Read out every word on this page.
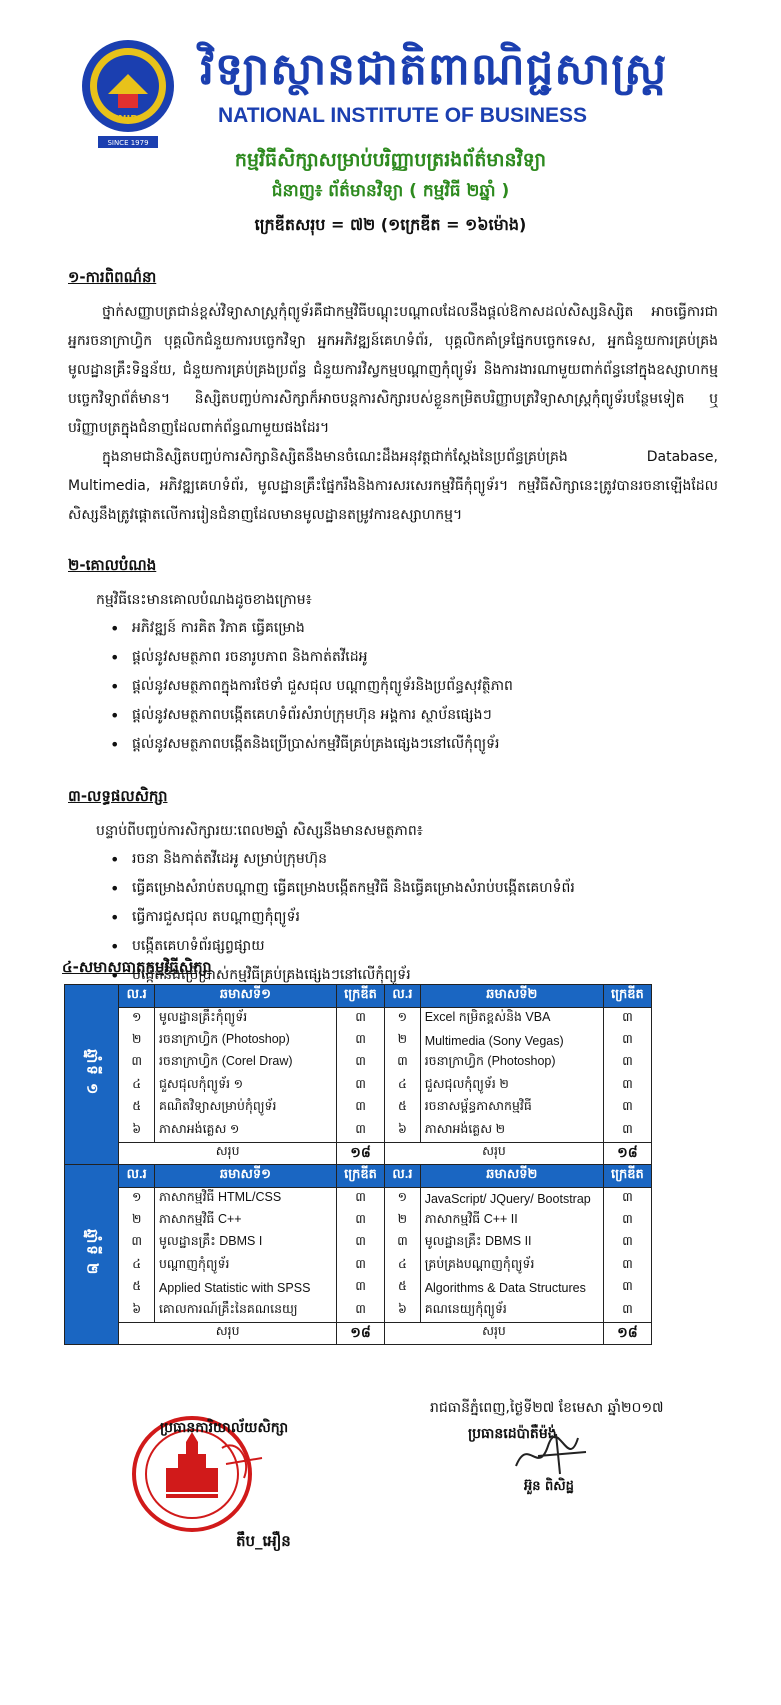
NIB
SINCE 1979
វិទ្យាស្ថានជាតិពាណិជ្ជសាស្ត្រ
NATIONAL INSTITUTE OF BUSINESS
កម្មវិធីសិក្សាសម្រាប់បរិញ្ញាបត្ររងព័ត៌មានវិទ្យា
ជំនាញ៖ ព័ត៌មានវិទ្យា ( កម្មវិធី ២ឆ្នាំ )
ក្រេឌីតសរុប = ៧២ (១ក្រេឌីត = ១៦ម៉ោង)
១-ការពិពណ៌នា

ថ្នាក់សញ្ញាបត្រជាន់ខ្ពស់វិទ្យាសាស្ត្រកុំព្យូទ័រគឺជាកម្មវិធីបណ្តុះបណ្តាលដែលនឹងផ្តល់ឱកាសដល់សិស្សនិស្សិត អាចធ្វើការជាអ្នករចនាក្រាហ្វិក បុគ្គលិកជំនួយការបច្ចេកវិទ្យា អ្នកអភិវឌ្ឍន៍គេហទំព័រ, បុគ្គលិកគាំទ្រផ្នែកបច្ចេកទេស, អ្នកជំនួយការគ្រប់គ្រងមូលដ្ឋានគ្រឹះទិន្នន័យ, ជំនួយការគ្រប់គ្រងប្រព័ន្ធ ជំនួយការវិស្វកម្មបណ្តាញកុំព្យូទ័រ និងការងារណាមួយពាក់ព័ន្ធនៅក្នុងឧស្សាហកម្មបច្ចេកវិទ្យាព័ត៌មាន។ និស្សិតបញ្ចប់ការសិក្សាក៏អាចបន្តការសិក្សារបស់ខ្លួនកម្រិតបរិញ្ញាបត្រវិទ្យាសាស្ត្រកុំព្យូទ័របន្ថែមទៀត ឬបរិញ្ញាបត្រក្នុងជំនាញដែលពាក់ព័ន្ធណាមួយផងដែរ។

ក្នុងនាមជានិស្សិតបញ្ចប់ការសិក្សានិស្សិតនឹងមានចំណេះដឹងអនុវត្តជាក់ស្តែងនៃប្រព័ន្ធគ្រប់គ្រង Database, Multimedia, អភិវឌ្ឍគេហទំព័រ, មូលដ្ឋានគ្រឹះផ្នែករឹងនិងការសរសេរកម្មវិធីកុំព្យូទ័រ។ កម្មវិធីសិក្សានេះត្រូវបានរចនាឡើងដែលសិស្សនឹងត្រូវផ្តោតលើការរៀនជំនាញដែលមានមូលដ្ឋានតម្រូវការឧស្សាហកម្ម។

២-គោលបំណង
កម្មវិធីនេះមានគោលបំណងដូចខាងក្រោម៖
• អភិវឌ្ឍន៍ ការគិត វិភាគ ធ្វើគម្រោង
• ផ្តល់នូវសមត្ថភាព រចនារូបភាព និងកាត់តវីដេអូ
• ផ្តល់នូវសមត្ថភាពក្នុងការថែទាំ ជួសជុល បណ្តាញកុំព្យូទ័រនិងប្រព័ន្ធសុវត្ថិភាព
• ផ្តល់នូវសមត្ថភាពបង្កើតគេហទំព័រសំរាប់ក្រុមហ៊ុន អង្គការ ស្ថាប័នផ្សេងៗ
• ផ្តល់នូវសមត្ថភាពបង្កើតនិងប្រើប្រាស់កម្មវិធីគ្រប់គ្រងផ្សេងៗនៅលើកុំព្យូទ័រ
៣-លទ្ធផលសិក្សា
បន្ទាប់ពីបញ្ចប់ការសិក្សារយៈពេល២ឆ្នាំ សិស្សនឹងមានសមត្ថភាព៖
• រចនា និងកាត់តវីដេអូ សម្រាប់ក្រុមហ៊ុន
• ធ្វើគម្រោងសំរាប់តបណ្តាញ ធ្វើគម្រោងបង្កើតកម្មវិធី និងធ្វើគម្រោងសំរាប់បង្កើតគេហទំព័រ
• ធ្វើការជួសជុល តបណ្តាញកុំព្យូទ័រ
• បង្កើតគេហទំព័រផ្សព្វផ្សាយ
• បង្កើតនិងប្រើប្រាស់កម្មវិធីគ្រប់គ្រងផ្សេងៗនៅលើកុំព្យូទ័រ
៤-សមាសធាតុកម្មវិធីសិក្សា
ឆ្នាំទី ១	ល.រ	ឆមាសទី១	ក្រេឌីត	ល.រ	ឆមាសទី២	ក្រេឌីត
	១	មូលដ្ឋានគ្រឹះកុំព្យូទ័រ	៣	១	Excel កម្រិតខ្ពស់និង VBA	៣
	២	រចនាក្រាហ្វិក (Photoshop)	៣	២	Multimedia (Sony Vegas)	៣
	៣	រចនាក្រាហ្វិក (Corel Draw)	៣	៣	រចនាក្រាហ្វិក (Photoshop)	៣
	៤	ជួសជុលកុំព្យូទ័រ ១	៣	៤	ជួសជុលកុំព្យូទ័រ ២	៣
	៥	គណិតវិទ្យាសម្រាប់កុំព្យូទ័រ	៣	៥	រចនាសម្ព័ន្ធភាសាកម្មវិធី	៣
	៦	ភាសាអង់គ្លេស ១	៣	៦	ភាសាអង់គ្លេស ២	៣
	សរុប		១៨	សរុប		១៨
ឆ្នាំទី ២	ល.រ	ឆមាសទី១	ក្រេឌីត	ល.រ	ឆមាសទី២	ក្រេឌីត
	១	ភាសាកម្មវិធី HTML/CSS	៣	១	JavaScript/ JQuery/ Bootstrap	៣
	២	ភាសាកម្មវិធី C++	៣	២	ភាសាកម្មវិធី C++ II	៣
	៣	មូលដ្ឋានគ្រឹះ DBMS I	៣	៣	មូលដ្ឋានគ្រឹះ DBMS II	៣
	៤	បណ្តាញកុំព្យូទ័រ	៣	៤	គ្រប់គ្រងបណ្តាញកុំព្យូទ័រ	៣
	៥	Applied Statistic with SPSS	៣	៥	Algorithms & Data Structures	៣
	៦	គោលការណ៍គ្រឹះនៃគណនេយ្យ	៣	៦	គណនេយ្យកុំព្យូទ័រ	៣
	សរុប		១៨	សរុប		១៨
រាជធានីភ្នំពេញ,ថ្ងៃទី២៧ ខែមេសា ឆ្នាំ២០១៧
ប្រធានដេប៉ាតឺម៉ង់
អ៊ួន ពិសិដ្ឋ
ប្រធានការិយាល័យសិក្សា
តឹប_អឿន
